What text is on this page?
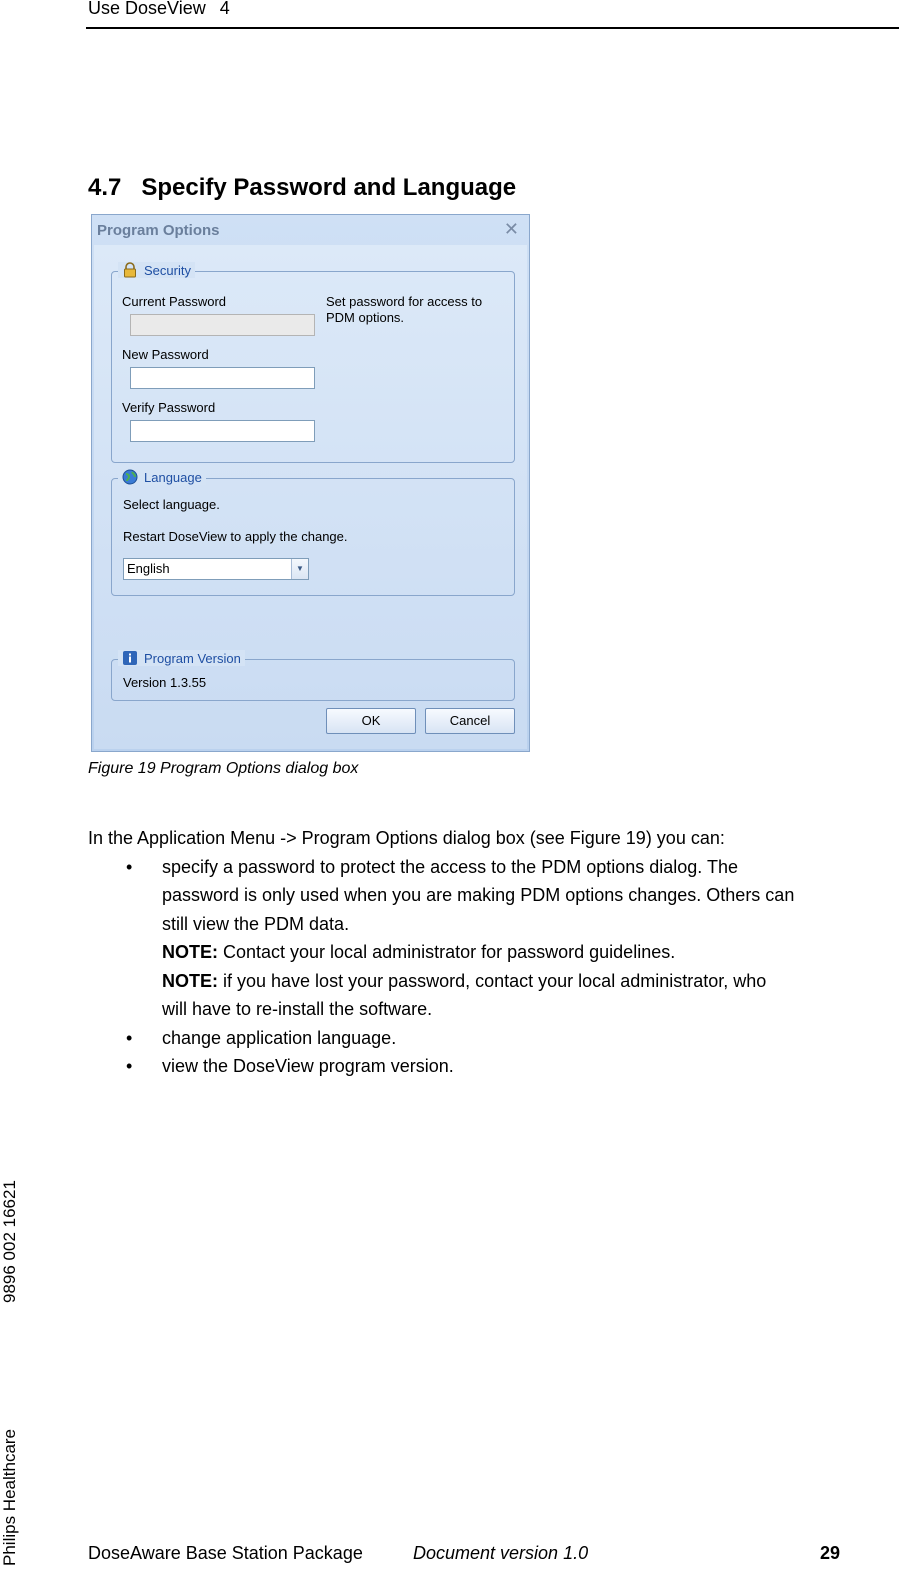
Use DoseView 4
4.7 Specify Password and Language
Program Options	✕
Security
Current Password
New Password
Verify Password
Set password for access to
PDM options.
Language
Select language.
Restart DoseView to apply the change.
English	▼
Program Version
Version 1.3.55
OK	Cancel
Figure 19 Program Options dialog box

In the Application Menu -> Program Options dialog box (see Figure 19) you can:

• specify a password to protect the access to the PDM options dialog. The
password is only used when you are making PDM options changes. Others can
still view the PDM data.
NOTE: Contact your local administrator for password guidelines.
NOTE: if you have lost your password, contact your local administrator, who
will have to re-install the software.
• change application language.
• view the DoseView program version.
9896 002 16621
Philips Healthcare	DoseAware Base Station Package	Document version 1.0	29
